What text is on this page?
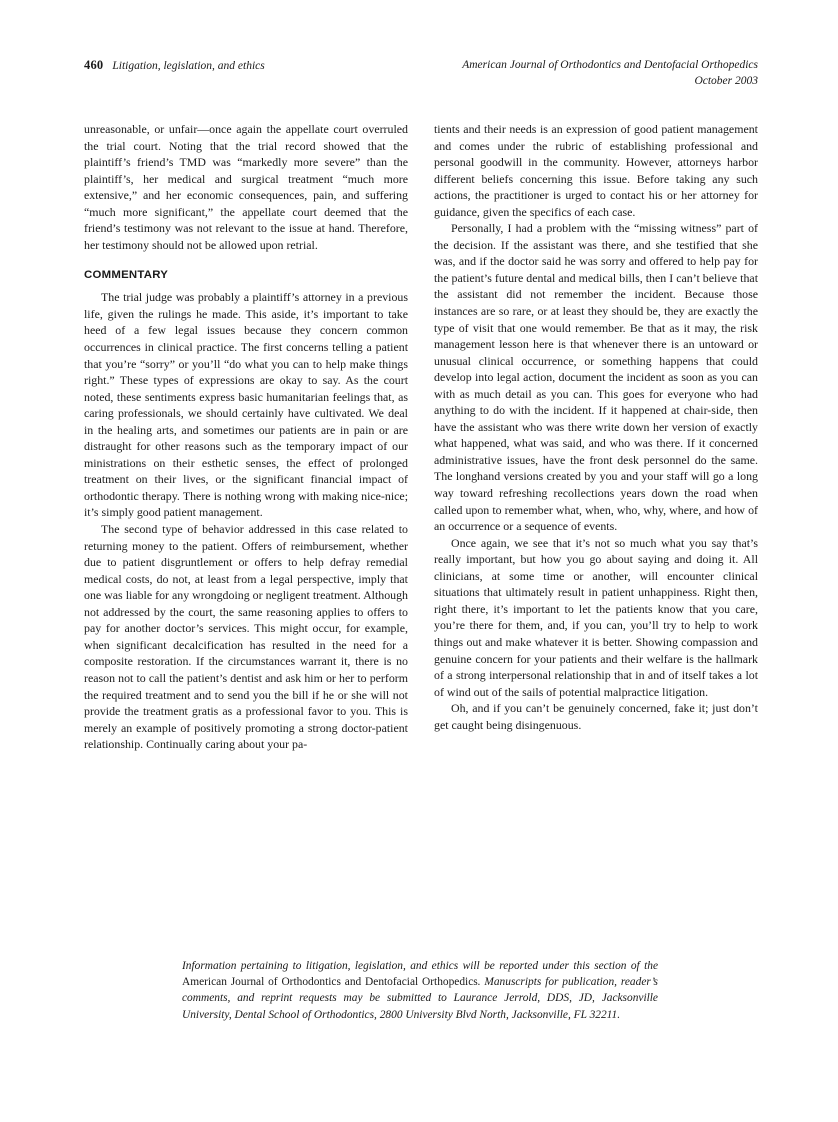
460 Litigation, legislation, and ethics	American Journal of Orthodontics and Dentofacial Orthopedics
October 2003

unreasonable, or unfair—once again the appellate court overruled the trial court. Noting that the trial record showed that the plaintiff’s friend’s TMD was “markedly more severe” than the plaintiff’s, her medical and surgical treatment “much more extensive,” and her economic consequences, pain, and suffering “much more significant,” the appellate court deemed that the friend’s testimony was not relevant to the issue at hand. Therefore, her testimony should not be allowed upon retrial.

COMMENTARY

The trial judge was probably a plaintiff’s attorney in a previous life, given the rulings he made. This aside, it’s important to take heed of a few legal issues because they concern common occurrences in clinical practice. The first concerns telling a patient that you’re “sorry” or you’ll “do what you can to help make things right.” These types of expressions are okay to say. As the court noted, these sentiments express basic humanitarian feelings that, as caring professionals, we should certainly have cultivated. We deal in the healing arts, and sometimes our patients are in pain or are distraught for other reasons such as the temporary impact of our ministrations on their esthetic senses, the effect of prolonged treatment on their lives, or the significant financial impact of orthodontic therapy. There is nothing wrong with making nice-nice; it’s simply good patient management.

The second type of behavior addressed in this case related to returning money to the patient. Offers of reimbursement, whether due to patient disgruntlement or offers to help defray remedial medical costs, do not, at least from a legal perspective, imply that one was liable for any wrongdoing or negligent treatment. Although not addressed by the court, the same reasoning applies to offers to pay for another doctor’s services. This might occur, for example, when significant decalcification has resulted in the need for a composite restoration. If the circumstances warrant it, there is no reason not to call the patient’s dentist and ask him or her to perform the required treatment and to send you the bill if he or she will not provide the treatment gratis as a professional favor to you. This is merely an example of positively promoting a strong doctor-patient relationship. Continually caring about your pa-

tients and their needs is an expression of good patient management and comes under the rubric of establishing professional and personal goodwill in the community. However, attorneys harbor different beliefs concerning this issue. Before taking any such actions, the practitioner is urged to contact his or her attorney for guidance, given the specifics of each case.

Personally, I had a problem with the “missing witness” part of the decision. If the assistant was there, and she testified that she was, and if the doctor said he was sorry and offered to help pay for the patient’s future dental and medical bills, then I can’t believe that the assistant did not remember the incident. Because those instances are so rare, or at least they should be, they are exactly the type of visit that one would remember. Be that as it may, the risk management lesson here is that whenever there is an untoward or unusual clinical occurrence, or something happens that could develop into legal action, document the incident as soon as you can with as much detail as you can. This goes for everyone who had anything to do with the incident. If it happened at chair-side, then have the assistant who was there write down her version of exactly what happened, what was said, and who was there. If it concerned administrative issues, have the front desk personnel do the same. The longhand versions created by you and your staff will go a long way toward refreshing recollections years down the road when called upon to remember what, when, who, why, where, and how of an occurrence or a sequence of events.

Once again, we see that it’s not so much what you say that’s really important, but how you go about saying and doing it. All clinicians, at some time or another, will encounter clinical situations that ultimately result in patient unhappiness. Right then, right there, it’s important to let the patients know that you care, you’re there for them, and, if you can, you’ll try to help to work things out and make whatever it is better. Showing compassion and genuine concern for your patients and their welfare is the hallmark of a strong interpersonal relationship that in and of itself takes a lot of wind out of the sails of potential malpractice litigation.

Oh, and if you can’t be genuinely concerned, fake it; just don’t get caught being disingenuous.

Information pertaining to litigation, legislation, and ethics will be reported under this section of the American Journal of Orthodontics and Dentofacial Orthopedics. Manuscripts for publication, reader’s comments, and reprint requests may be submitted to Laurance Jerrold, DDS, JD, Jacksonville University, Dental School of Orthodontics, 2800 University Blvd North, Jacksonville, FL 32211.
